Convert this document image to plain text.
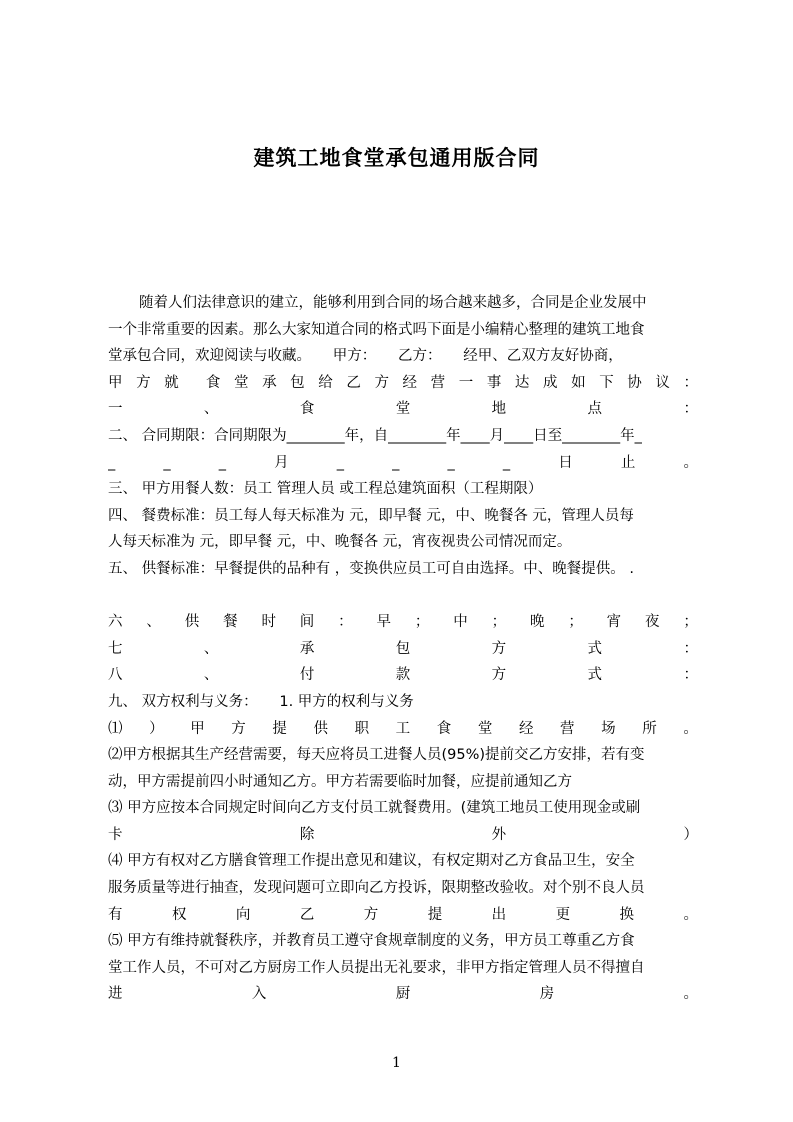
建筑工地食堂承包通用版合同
随着人们法律意识的建立，能够利用到合同的场合越来越多，合同是企业发展中
一个非常重要的因素。那么大家知道合同的格式吗下面是小编精心整理的建筑工地食
堂承包合同，欢迎阅读与收藏。　　甲方：　　乙方：　　经甲、乙双方友好协商，
甲 方 就 食 堂 承 包 给 乙 方 经 营 一 事 达 成 如 下 协 议 ：
一	、	食	堂	地	点	：
二、 合同期限：合同期限为________年，自________年____月____日至________年_
_	_	_	月	_	_	_	_	日	止	。
三、 甲方用餐人数：员工 管理人员 或工程总建筑面积（工程期限）
四、 餐费标准：员工每人每天标准为 元，即早餐 元，中、晚餐各 元，管理人员每
人每天标准为 元，即早餐 元，中、晚餐各 元，宵夜视贵公司情况而定。
五、 供餐标准：早餐提供的品种有 ，变换供应员工可自由选择。中、晚餐提供。 .
六 、 供 餐 时 间 ： 早 ； 中 ； 晚 ； 宵 夜 ；
七	、	承	包	方	式	：
八	、	付	款	方	式	：
九、 双方权利与义务：　　1. 甲方的权利与义务
⑴ ） 甲 方 提 供 职 工 食 堂 经 营 场 所 。
⑵甲方根据其生产经营需要，每天应将员工进餐人员(95%)提前交乙方安排，若有变
动，甲方需提前四小时通知乙方。甲方若需要临时加餐，应提前通知乙方
⑶ 甲方应按本合同规定时间向乙方支付员工就餐费用。(建筑工地员工使用现金或刷
卡	除	外	）
⑷ 甲方有权对乙方膳食管理工作提出意见和建议，有权定期对乙方食品卫生，安全
服务质量等进行抽查，发现问题可立即向乙方投诉，限期整改验收。对个别不良人员
有	权	向	乙	方	提	出	更	换	。
⑸ 甲方有维持就餐秩序，并教育员工遵守食规章制度的义务，甲方员工尊重乙方食
堂工作人员，不可对乙方厨房工作人员提出无礼要求，非甲方指定管理人员不得擅自
进	入	厨	房	。
1
